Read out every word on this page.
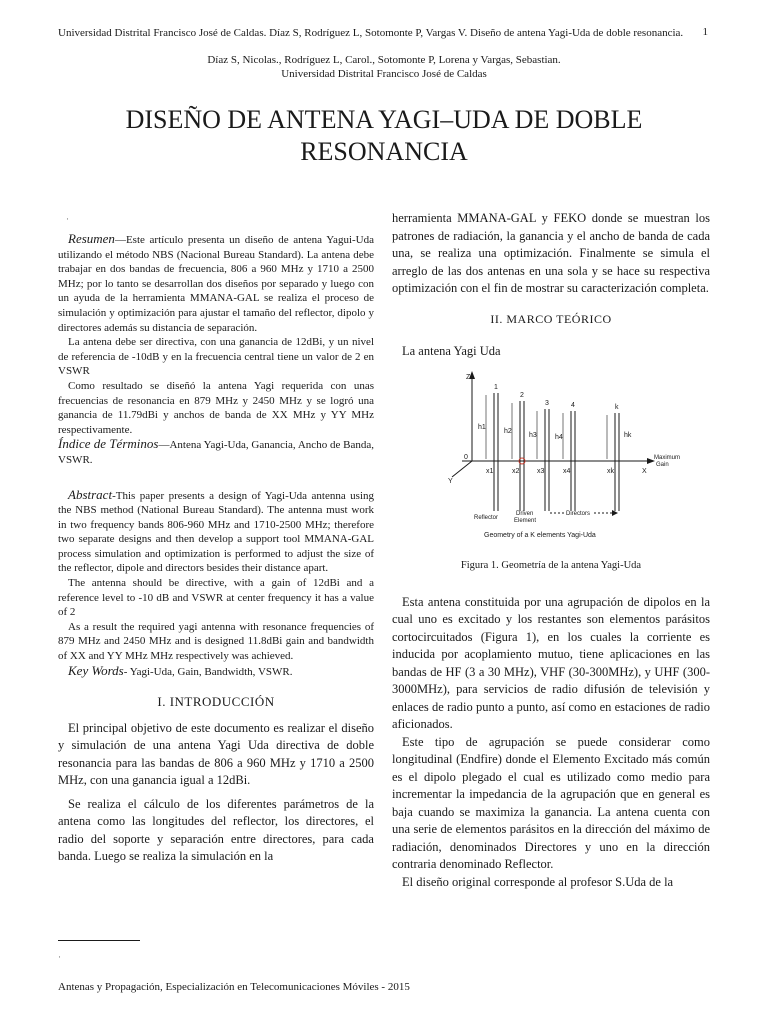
Universidad Distrital Francisco José de Caldas. Díaz S, Rodríguez L, Sotomonte P, Vargas V. Diseño de antena Yagi-Uda de doble resonancia.	1
Díaz S, Nicolas., Rodríguez L, Carol., Sotomonte P, Lorena y Vargas, Sebastian.
Universidad Distrital Francisco José de Caldas
DISEÑO DE ANTENA YAGI–UDA DE DOBLE RESONANCIA
·

Resumen—Este artículo presenta un diseño de antena Yagui-Uda utilizando el método NBS (Nacional Bureau Standard). La antena debe trabajar en dos bandas de frecuencia, 806 a 960 MHz y 1710 a 2500 MHz; por lo tanto se desarrollan dos diseños por separado y luego con un ayuda de la herramienta MMANA-GAL se realiza el proceso de simulación y optimización para ajustar el tamaño del reflector, dipolo y directores además su distancia de separación.

La antena debe ser directiva, con una ganancia de 12dBi, y un nivel de referencia de -10dB y en la frecuencia central tiene un valor de 2 en VSWR

Como resultado se diseñó la antena Yagi requerida con unas frecuencias de resonancia en 879 MHz y 2450 MHz y se logró una ganancia de 11.79dBi y anchos de banda de XX MHz y YY MHz respectivamente.

Índice de Términos—Antena Yagi-Uda, Ganancia, Ancho de Banda, VSWR.

Abstract-This paper presents a design of Yagi-Uda antenna using the NBS method (National Bureau Standard). The antenna must work in two frequency bands 806-960 MHz and 1710-2500 MHz; therefore two separate designs and then develop a support tool MMANA-GAL process simulation and optimization is performed to adjust the size of the reflector, dipole and directors besides their distance apart.

The antenna should be directive, with a gain of 12dBi and a reference level to -10 dB and VSWR at center frequency it has a value of 2

As a result the required yagi antenna with resonance frequencies of 879 MHz and 2450 MHz and is designed 11.8dBi gain and bandwidth of XX and YY MHz MHz respectively was achieved.

Key Words- Yagi-Uda, Gain, Bandwidth, VSWR.

I. INTRODUCCIÓN

El principal objetivo de este documento es realizar el diseño y simulación de una antena Yagi Uda directiva de doble resonancia para las bandas de 806 a 960 MHz y 1710 a 2500 MHz, con una ganancia igual a 12dBi.

Se realiza el cálculo de los diferentes parámetros de la antena como las longitudes del reflector, los directores, el radio del soporte y separación entre directores, para cada banda. Luego se realiza la simulación en la

herramienta MMANA-GAL y FEKO donde se muestran los patrones de radiación, la ganancia y el ancho de banda de cada una, se realiza una optimización. Finalmente se simula el arreglo de las dos antenas en una sola y se hace su respectiva optimización con el fin de mostrar su caracterización completa.

II. MARCO TEÓRICO
La antena Yagi Uda
Z
0
Y
X
Maximum
Gain
1
2
3	4	k
h1
h2
h3	h4	hk
x1	x2	x3	x4	xk
Reflector
Driven
Element
Directors
Geometry of a K elements Yagi-Uda
Figura 1. Geometría de la antena Yagi-Uda

Esta antena constituida por una agrupación de dipolos en la cual uno es excitado y los restantes son elementos parásitos cortocircuitados (Figura 1), en los cuales la corriente es inducida por acoplamiento mutuo, tiene aplicaciones en las bandas de HF (3 a 30 MHz), VHF (30-300MHz), y UHF (300-3000MHz), para servicios de radio difusión de televisión y enlaces de radio punto a punto, así como en estaciones de radio aficionados.

Este tipo de agrupación se puede considerar como longitudinal (Endfire) donde el Elemento Excitado más común es el dipolo plegado el cual es utilizado como medio para incrementar la impedancia de la agrupación que en general es baja cuando se maximiza la ganancia. La antena cuenta con una serie de elementos parásitos en la dirección del máximo de radiación, denominados Directores y uno en la dirección contraria denominado Reflector.

El diseño original corresponde al profesor S.Uda de la

·
Antenas y Propagación, Especialización en Telecomunicaciones Móviles - 2015
